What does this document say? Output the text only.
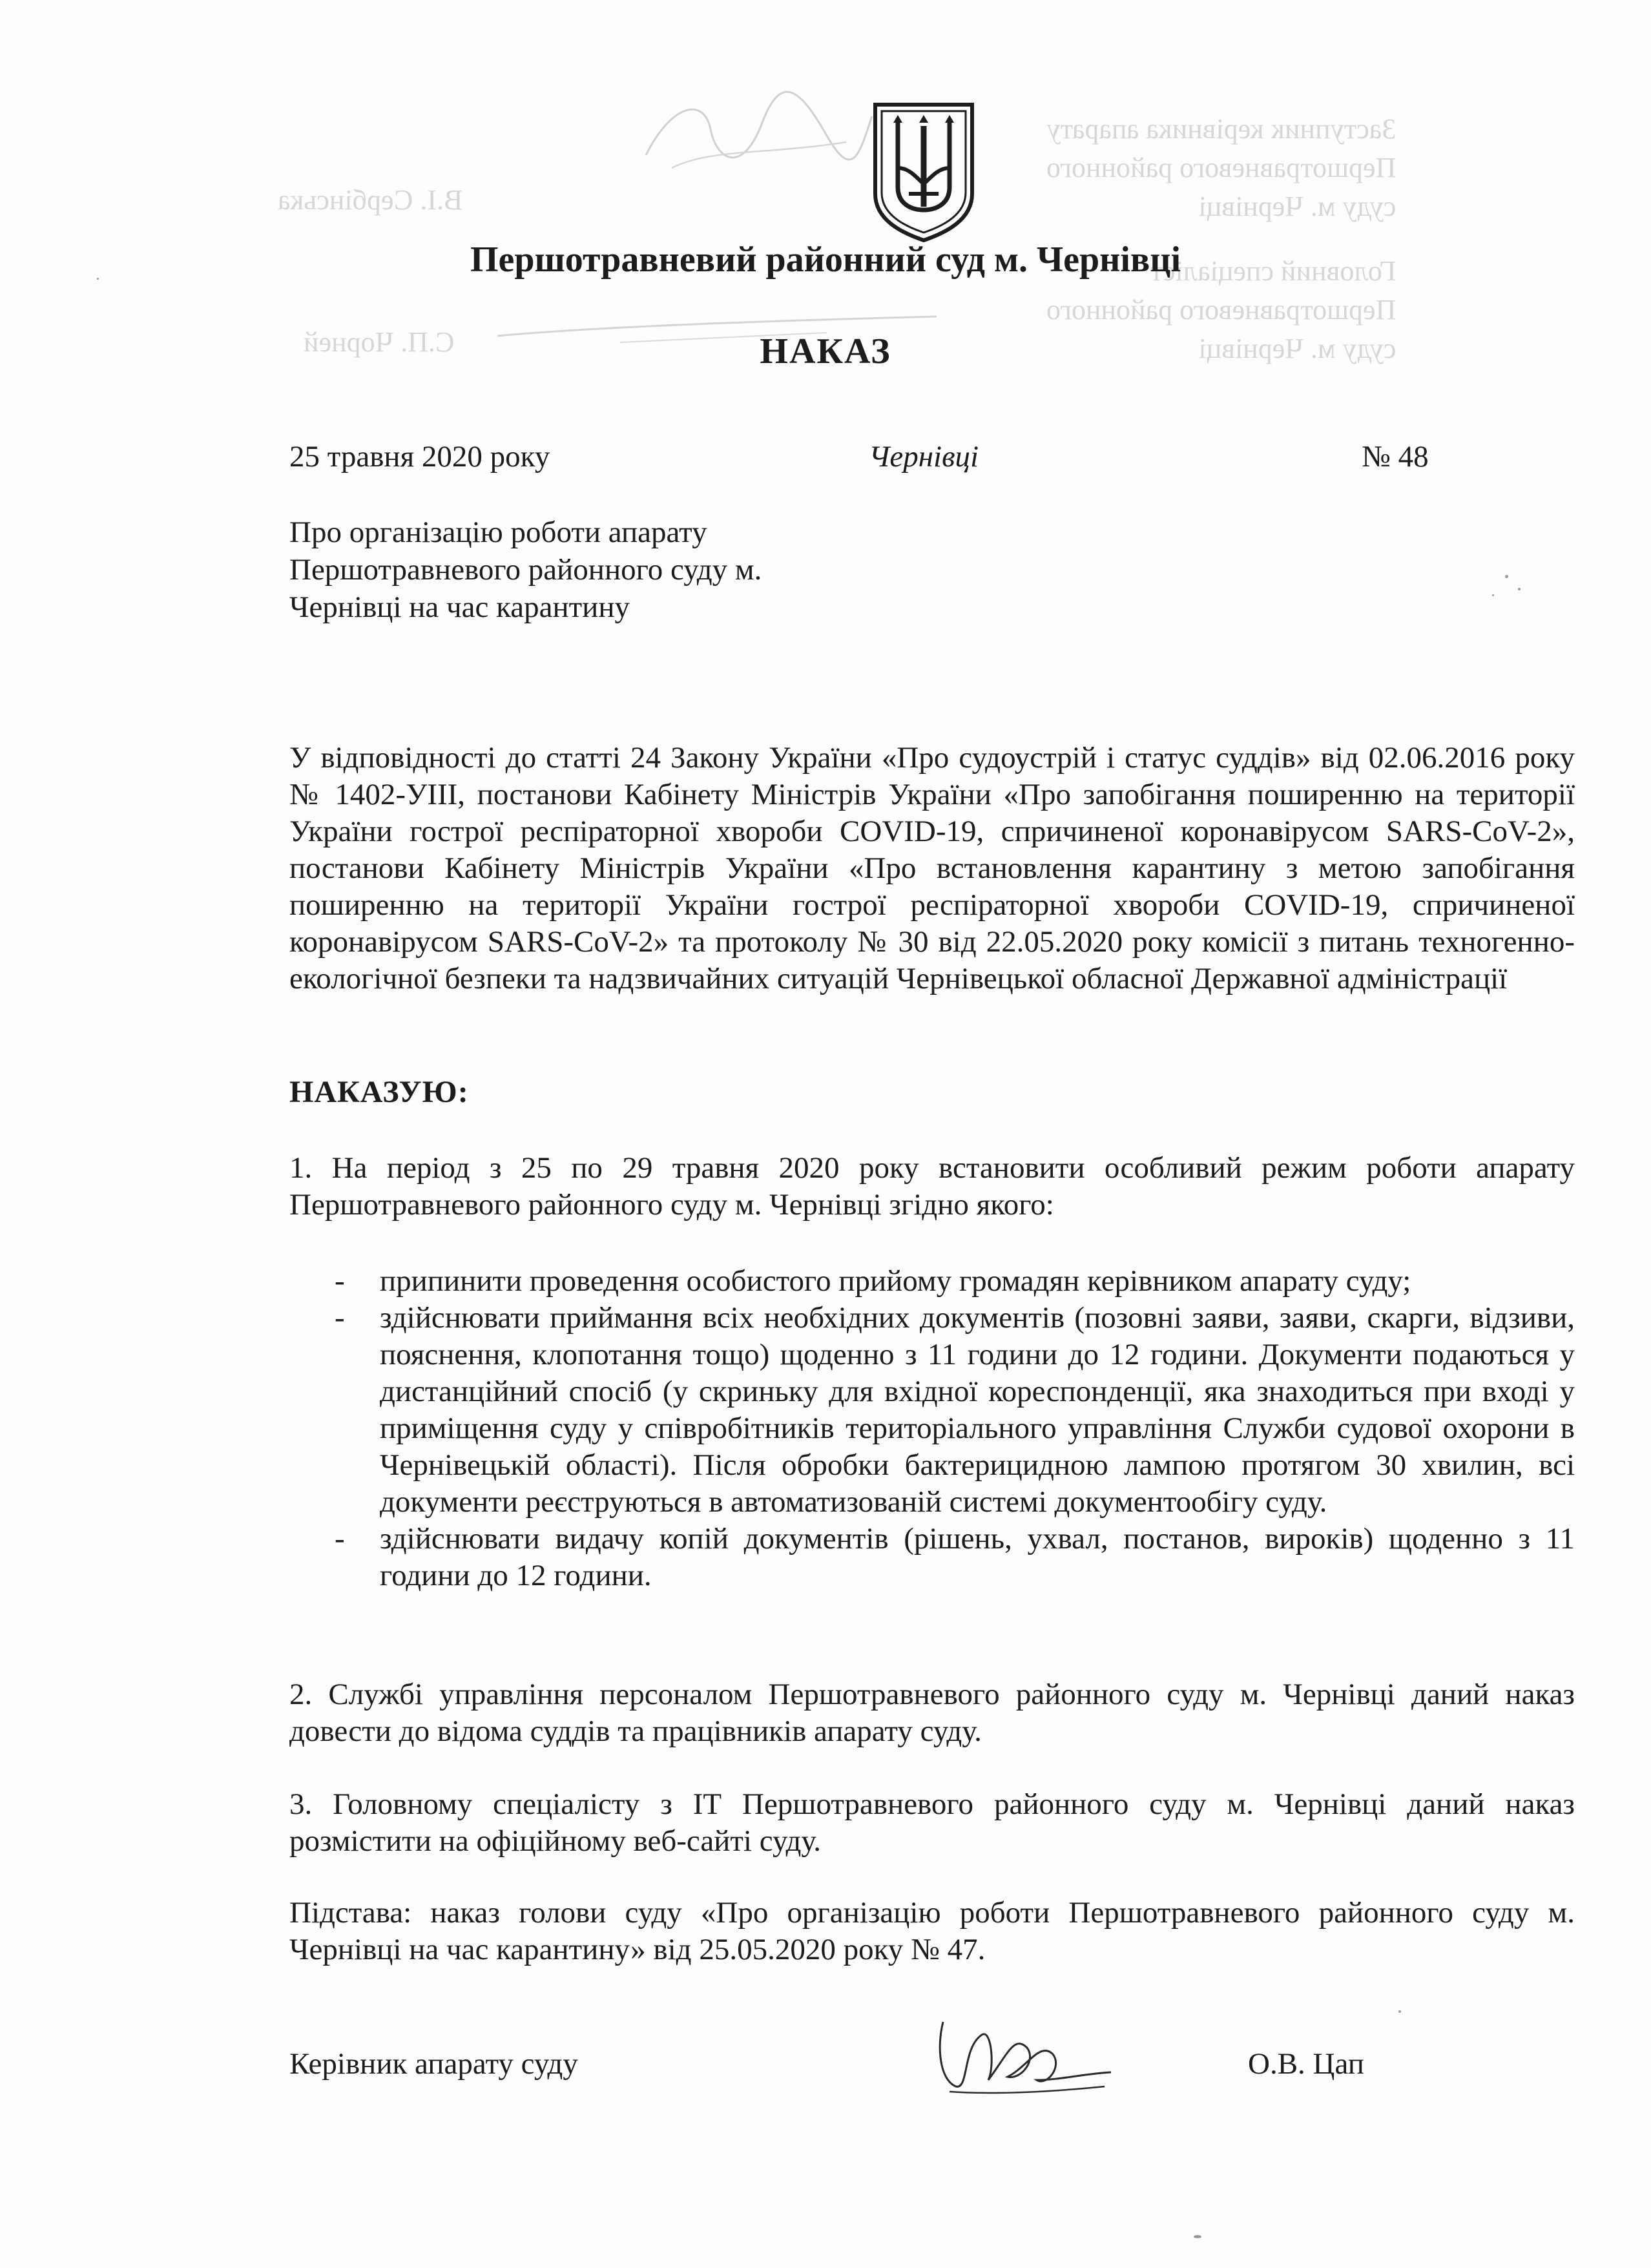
Заступник керівника апарату
Першотравневого районного
суду м. Чернівці
В.І. Сербінська
Головний спеціаліст
Першотравневого районного
суду м. Чернівці
С.П. Чорней
Першотравневий районний суд м. Чернівці
НАКАЗ
25 травня 2020 року	Чернівці	№ 48
Про організацію роботи апарату Першотравневого районного суду м. Чернівці на час карантину
У відповідності до статті 24 Закону України «Про судоустрій і статус суддів» від 02.06.2016 року № 1402-УІІІ, постанови Кабінету Міністрів України «Про запобігання поширенню на території України гострої респіраторної хвороби COVID-19, спричиненої коронавірусом SARS-CoV-2», постанови Кабінету Міністрів України «Про встановлення карантину з метою запобігання поширенню на території України гострої респіраторної хвороби COVID-19, спричиненої коронавірусом SARS-CoV-2» та протоколу № 30 від 22.05.2020 року комісії з питань техногенно-екологічної безпеки та надзвичайних ситуацій Чернівецької обласної Державної адміністрації
НАКАЗУЮ:
1. На період з 25 по 29 травня 2020 року встановити особливий режим роботи апарату Першотравневого районного суду м. Чернівці згідно якого:
- припинити проведення особистого прийому громадян керівником апарату суду;
- здійснювати приймання всіх необхідних документів (позовні заяви, заяви, скарги, відзиви, пояснення, клопотання тощо) щоденно з 11 години до 12 години. Документи подаються у дистанційний спосіб (у скриньку для вхідної кореспонденції, яка знаходиться при вході у приміщення суду у співробітників територіального управління Служби судової охорони в Чернівецькій області). Після обробки бактерицидною лампою протягом 30 хвилин, всі документи реєструються в автоматизованій системі документообігу суду.
- здійснювати видачу копій документів (рішень, ухвал, постанов, вироків) щоденно з 11 години до 12 години.
2. Службі управління персоналом Першотравневого районного суду м. Чернівці даний наказ довести до відома суддів та працівників апарату суду.
3. Головному спеціалісту з ІТ Першотравневого районного суду м. Чернівці даний наказ розмістити на офіційному веб-сайті суду.
Підстава: наказ голови суду «Про організацію роботи Першотравневого районного суду м. Чернівці на час карантину» від 25.05.2020 року № 47.
Керівник апарату суду	О.В. Цап
